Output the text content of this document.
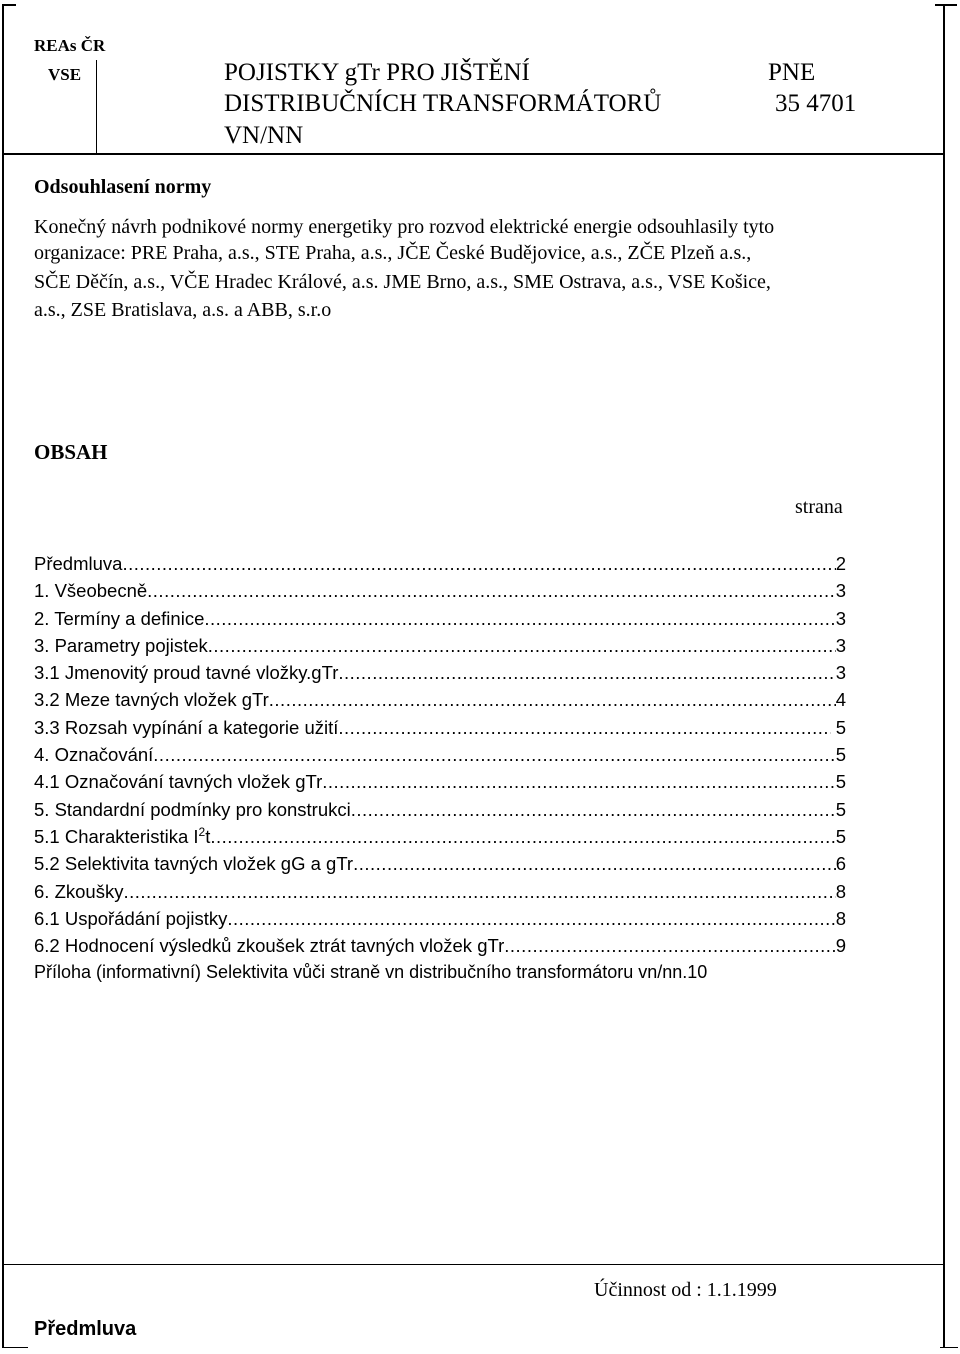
REAs ČR
VSE	POJISTKY gTr PRO JIŠTĚNÍ
DISTRIBUČNÍCH TRANSFORMÁTORŮ
VN/NN
PNE
35 4701
Odsouhlasení normy
Konečný návrh podnikové normy energetiky pro rozvod elektrické energie odsouhlasily tyto
organizace: PRE Praha, a.s., STE Praha, a.s., JČE České Budějovice, a.s., ZČE Plzeň a.s.,
SČE Děčín, a.s., VČE Hradec Králové, a.s. JME Brno, a.s., SME Ostrava, a.s., VSE Košice,
a.s., ZSE Bratislava, a.s. a ABB, s.r.o
OBSAH
strana
Předmluva .....	2
1. Všeobecně .....	3
2. Termíny a definice .....	3
3. Parametry pojistek .....	3
3.1 Jmenovitý proud tavné vložky.gTr .....	3
3.2 Meze tavných vložek gTr .....	4
3.3 Rozsah vypínání a kategorie užití .....	5
4. Označování .....	5
4.1 Označování tavných vložek gTr .....	5
5. Standardní podmínky pro konstrukci .....	5
5.1 Charakteristika $I^2t$ .....	5
5.2 Selektivita tavných vložek gG a gTr .....	6
6. Zkoušky .....	8
6.1 Uspořádání pojistky .....	8
6.2 Hodnocení výsledků zkoušek ztrát tavných vložek gTr .....	9
Příloha (informativní) Selektivita vůči straně vn distribučního transformátoru vn/nn. 10
Účinnost od : 1.1.1999
Předmluva
